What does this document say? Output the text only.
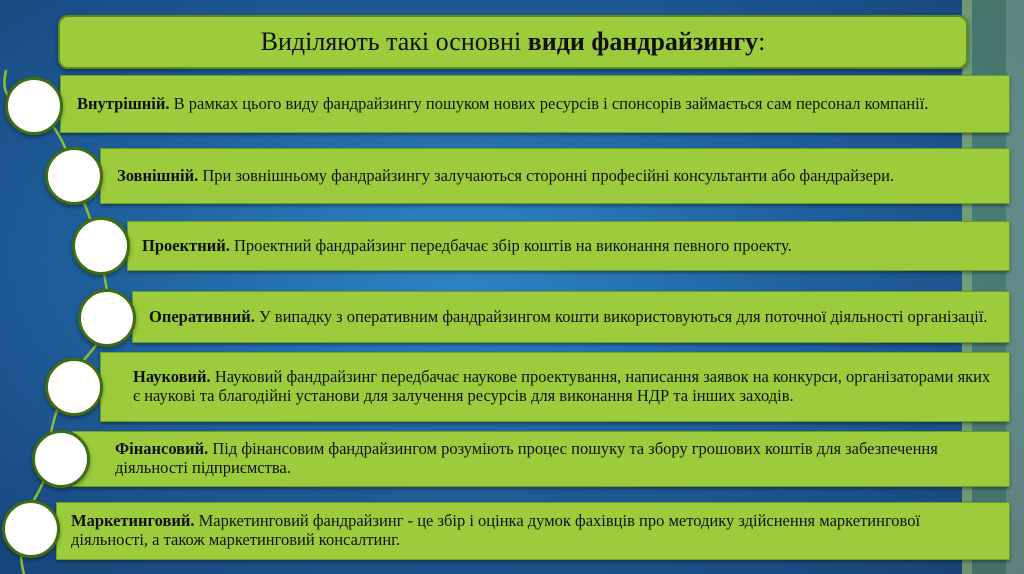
Виділяють такі основні
види фандрайзингу :
Внутрішній. В рамках цього виду фандрайзингу пошуком нових ресурсів і спонсорів займається сам персонал компанії.
Зовнішній. При зовнішньому фандрайзингу залучаються сторонні професійні консультанти або фандрайзери.
Проектний. Проектний фандрайзинг передбачає збір коштів на виконання певного проекту.
Оперативний. У випадку з оперативним фандрайзингом кошти використовуються для поточної діяльності організації.
Науковий. Науковий фандрайзинг передбачає наукове проектування, написання заявок на конкурси, організаторами яких є наукові та благодійні установи для залучення ресурсів для виконання НДР та інших заходів.
Фінансовий. Під фінансовим фандрайзингом розуміють процес пошуку та збору грошових коштів для забезпечення діяльності підприємства.
Маркетинговий. Маркетинговий фандрайзинг - це збір і оцінка думок фахівців про методику здійснення маркетингової діяльності, а також маркетинговий консалтинг.
